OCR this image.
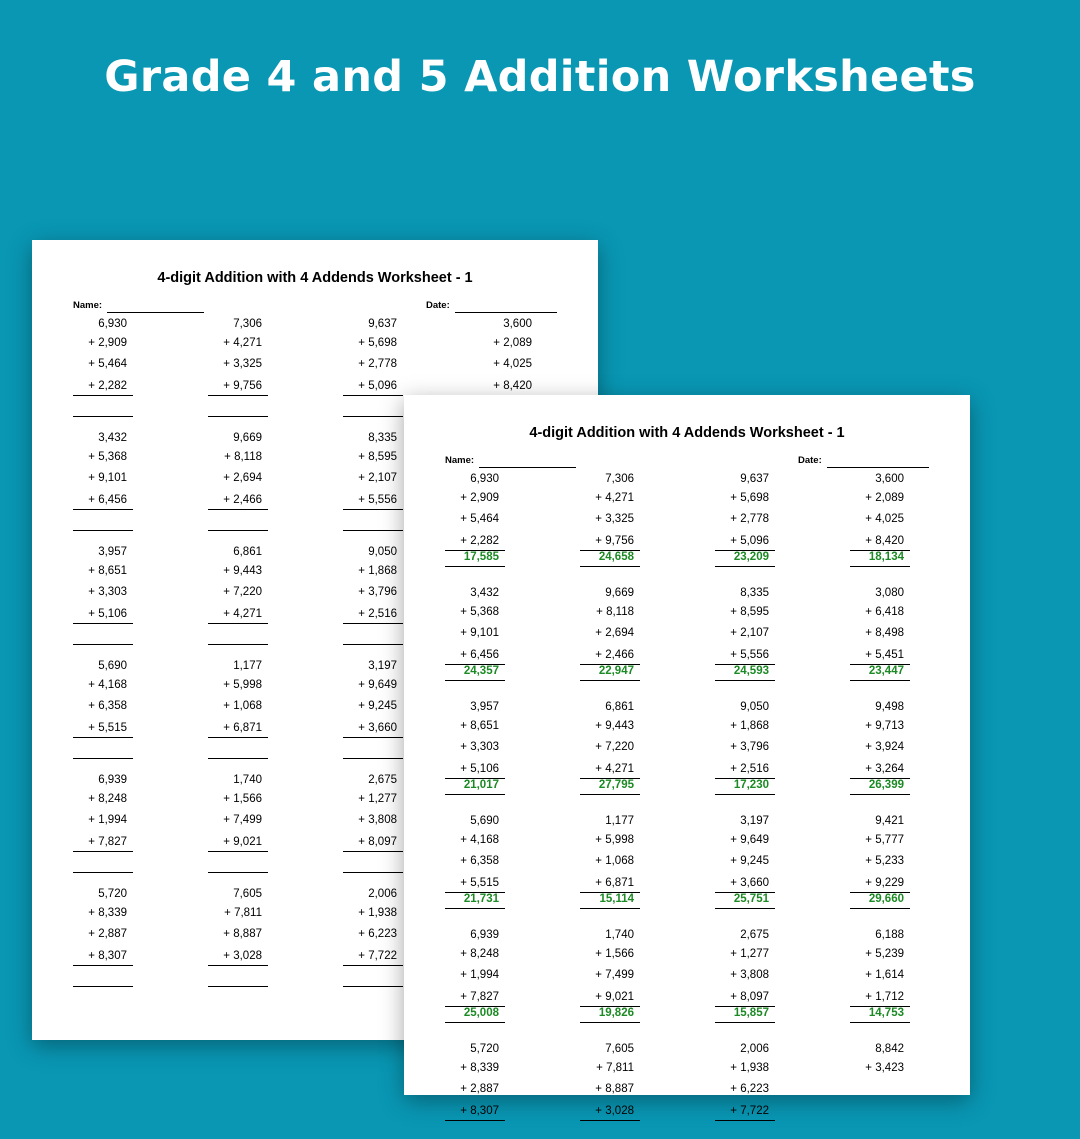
Grade 4 and 5 Addition Worksheets
4-digit Addition with 4 Addends Worksheet - 1
Name:	Date:
6,930
+ 2,909
+ 5,464
+ 2,282
7,306
+ 4,271
+ 3,325
+ 9,756
9,637
+ 5,698
+ 2,778
+ 5,096
3,600
+ 2,089
+ 4,025
+ 8,420
3,432
+ 5,368
+ 9,101
+ 6,456
9,669
+ 8,118
+ 2,694
+ 2,466
8,335
+ 8,595
+ 2,107
+ 5,556
3,957
+ 8,651
+ 3,303
+ 5,106
6,861
+ 9,443
+ 7,220
+ 4,271
9,050
+ 1,868
+ 3,796
+ 2,516
5,690
+ 4,168
+ 6,358
+ 5,515
1,177
+ 5,998
+ 1,068
+ 6,871
3,197
+ 9,649
+ 9,245
+ 3,660
6,939
+ 8,248
+ 1,994
+ 7,827
1,740
+ 1,566
+ 7,499
+ 9,021
2,675
+ 1,277
+ 3,808
+ 8,097
5,720
+ 8,339
+ 2,887
+ 8,307
7,605
+ 7,811
+ 8,887
+ 3,028
2,006
+ 1,938
+ 6,223
+ 7,722
4-digit Addition with 4 Addends Worksheet - 1
Name:	Date:
6,930
+ 2,909
+ 5,464
+ 2,282
17,585
7,306
+ 4,271
+ 3,325
+ 9,756
24,658
9,637
+ 5,698
+ 2,778
+ 5,096
23,209
3,600
+ 2,089
+ 4,025
+ 8,420
18,134
3,432
+ 5,368
+ 9,101
+ 6,456
24,357
9,669
+ 8,118
+ 2,694
+ 2,466
22,947
8,335
+ 8,595
+ 2,107
+ 5,556
24,593
3,080
+ 6,418
+ 8,498
+ 5,451
23,447
3,957
+ 8,651
+ 3,303
+ 5,106
21,017
6,861
+ 9,443
+ 7,220
+ 4,271
27,795
9,050
+ 1,868
+ 3,796
+ 2,516
17,230
9,498
+ 9,713
+ 3,924
+ 3,264
26,399
5,690
+ 4,168
+ 6,358
+ 5,515
21,731
1,177
+ 5,998
+ 1,068
+ 6,871
15,114
3,197
+ 9,649
+ 9,245
+ 3,660
25,751
9,421
+ 5,777
+ 5,233
+ 9,229
29,660
6,939
+ 8,248
+ 1,994
+ 7,827
25,008
1,740
+ 1,566
+ 7,499
+ 9,021
19,826
2,675
+ 1,277
+ 3,808
+ 8,097
15,857
6,188
+ 5,239
+ 1,614
+ 1,712
14,753
5,720
+ 8,339
+ 2,887
+ 8,307
7,605
+ 7,811
+ 8,887
+ 3,028
2,006
+ 1,938
+ 6,223
+ 7,722
8,842
+ 3,423
